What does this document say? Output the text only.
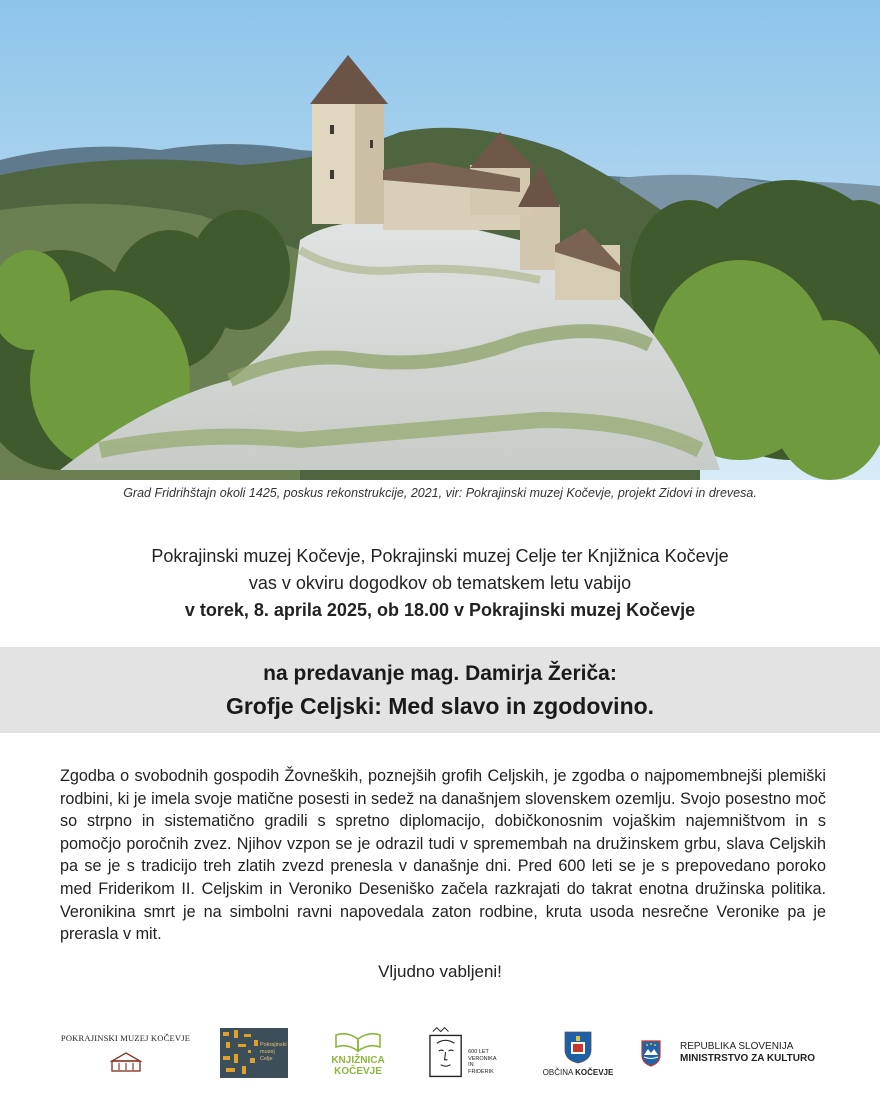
Grad Fridrihštajn okoli 1425, poskus rekonstrukcije, 2021, vir: Pokrajinski muzej Kočevje, projekt Zidovi in drevesa.
Pokrajinski muzej Kočevje, Pokrajinski muzej Celje ter Knjižnica Kočevje
vas v okviru dogodkov ob tematskem letu vabijo
v torek, 8. aprila 2025, ob 18.00 v Pokrajinski muzej Kočevje
na predavanje mag. Damirja Žeriča:
Grofje Celjski: Med slavo in zgodovino.
Zgodba o svobodnih gospodih Žovneških, poznejših grofih Celjskih, je zgodba o najpomembnejši plemiški rodbini, ki je imela svoje matične posesti in sedež na današnjem slovenskem ozemlju. Svojo posestno moč so strpno in sistematično gradili s spretno diplomacijo, dobičkonosnim vojaškim najemništvom in s pomočjo poročnih zvez. Njihov vzpon se je odrazil tudi v spremembah na družinskem grbu, slava Celjskih pa se je s tradicijo treh zlatih zvezd prenesla v današnje dni. Pred 600 leti se je s prepovedano poroko med Friderikom II. Celjskim in Veroniko Deseniško začela razkrajati do takrat enotna družinska politika. Veronikina smrt je na simbolni ravni napovedala zaton rodbine, kruta usoda nesrečne Veronike pa je prerasla v mit.
Vljudno vabljeni!
POKRAJINSKI MUZEJ KOČEVJE
Pokrajinski
muzej
Celje	KNJIŽNICA
KOČEVJE
600 LET
VERONIKA
IN FRIDERIK	OBČINA KOČEVJE
REPUBLIKA SLOVENIJA
MINISTRSTVO ZA KULTURO
